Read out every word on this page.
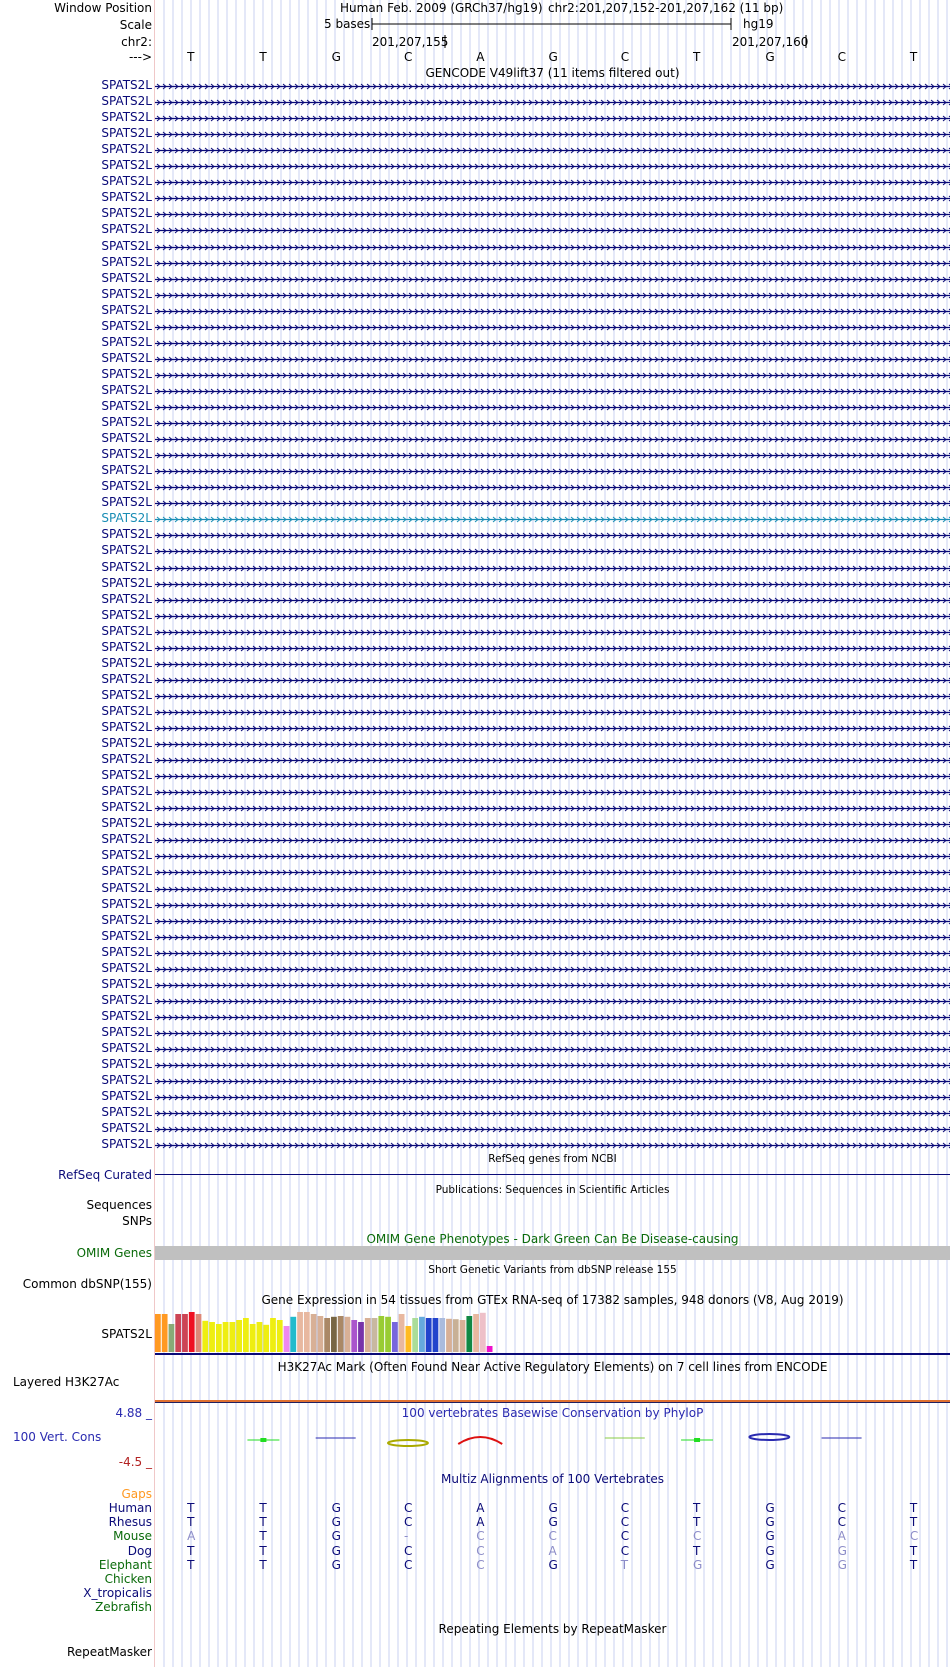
Window Position
Scale
chr2:
--->
Human Feb. 2009 (GRCh37/hg19) chr2:201,207,152-201,207,162 (11 bp)
5 bases	hg19
201,207,155	201,207,160
T	T	G	C	A	G	C	T	G	C	T
GENCODE V49lift37 (11 items filtered out)
SPATS2L
SPATS2L
SPATS2L
SPATS2L
SPATS2L
SPATS2L
SPATS2L
SPATS2L
SPATS2L
SPATS2L
SPATS2L
SPATS2L
SPATS2L
SPATS2L
SPATS2L
SPATS2L
SPATS2L
SPATS2L
SPATS2L
SPATS2L
SPATS2L
SPATS2L
SPATS2L
SPATS2L
SPATS2L
SPATS2L
SPATS2L
SPATS2L
SPATS2L
SPATS2L
SPATS2L
SPATS2L
SPATS2L
SPATS2L
SPATS2L
SPATS2L
SPATS2L
SPATS2L
SPATS2L
SPATS2L
SPATS2L
SPATS2L
SPATS2L
SPATS2L
SPATS2L
SPATS2L
SPATS2L
SPATS2L
SPATS2L
SPATS2L
SPATS2L
SPATS2L
SPATS2L
SPATS2L
SPATS2L
SPATS2L
SPATS2L
SPATS2L
SPATS2L
SPATS2L
SPATS2L
SPATS2L
SPATS2L
SPATS2L
SPATS2L
SPATS2L
SPATS2L
RefSeq genes from NCBI
RefSeq Curated
Publications: Sequences in Scientific Articles
Sequences
SNPs
OMIM Gene Phenotypes - Dark Green Can Be Disease-causing
OMIM Genes
Short Genetic Variants from dbSNP release 155
Common dbSNP(155)
Gene Expression in 54 tissues from GTEx RNA-seq of 17382 samples, 948 donors (V8, Aug 2019)
SPATS2L
H3K27Ac Mark (Often Found Near Active Regulatory Elements) on 7 cell lines from ENCODE
Layered H3K27Ac
100 vertebrates Basewise Conservation by PhyloP
4.88 _
100 Vert. Cons
-4.5 _
Multiz Alignments of 100 Vertebrates
Gaps
Human	T	T	G	C	A	G	C	T	G	C	T
Rhesus	T	T	G	C	A	G	C	T	G	C	T
Mouse	A	T	G	-	C	C	C	C	G	A	C
Dog	T	T	G	C	C	A	C	T	G	G	T
Elephant	T	T	G	C	C	G	T	G	G	G	T
Chicken
X_tropicalis
Zebrafish
Repeating Elements by RepeatMasker
RepeatMasker
